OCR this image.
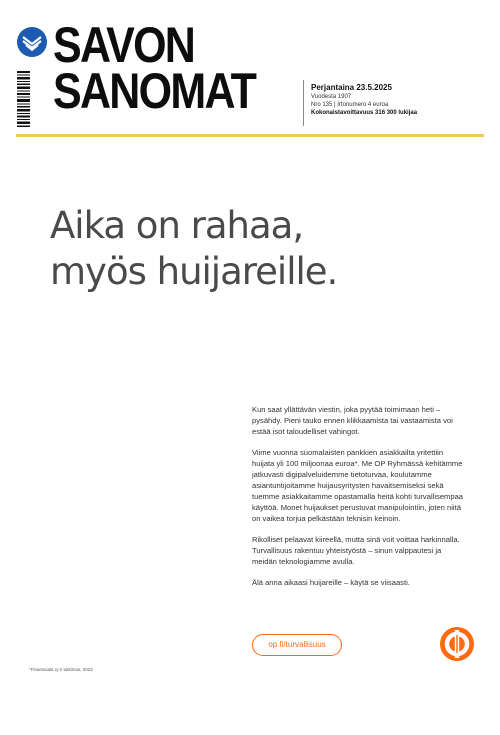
SAVON
SANOMAT	Perjantaina 23.5.2025
Vuodesta 1907
Nro 135 | Irtonumero 4 euroa
Kokonaistavoittavuus 316 300 lukijaa
Aika on rahaa,
myös huijareille.

Kun saat yllättävän viestin, joka pyytää toimimaan heti – pysähdy. Pieni tauko ennen klikkaamista tai vastaamista voi estää isot taloudelliset vahingot.

Viime vuonna suomalaisten pankkien asiakkailta yritettiin huijata yli 100 miljoonaa euroa*. Me OP Ryhmässä kehitämme jatkuvasti digipalveluidemme tietoturvaa, koulutamme asiantuntijoitamme huijausyritysten havaitsemiseksi sekä tuemme asiakkaitamme opastamalla heitä kohti turvallisempaa käyttöä. Monet huijaukset perustuvat manipulointiin, joten niitä on vaikea torjua pelkästään teknisin keinoin.

Rikolliset pelaavat kiireellä, mutta sinä voit voittaa harkinnalla. Turvallisuus rakentuu yhteistyöstä – sinun valppautesi ja meidän teknologiamme avulla.

Älä anna aikaasi huijareille – käytä se viisaasti.

op.fi/turvallisuus
*Finanssiala ry:n tutkimus, 2024
